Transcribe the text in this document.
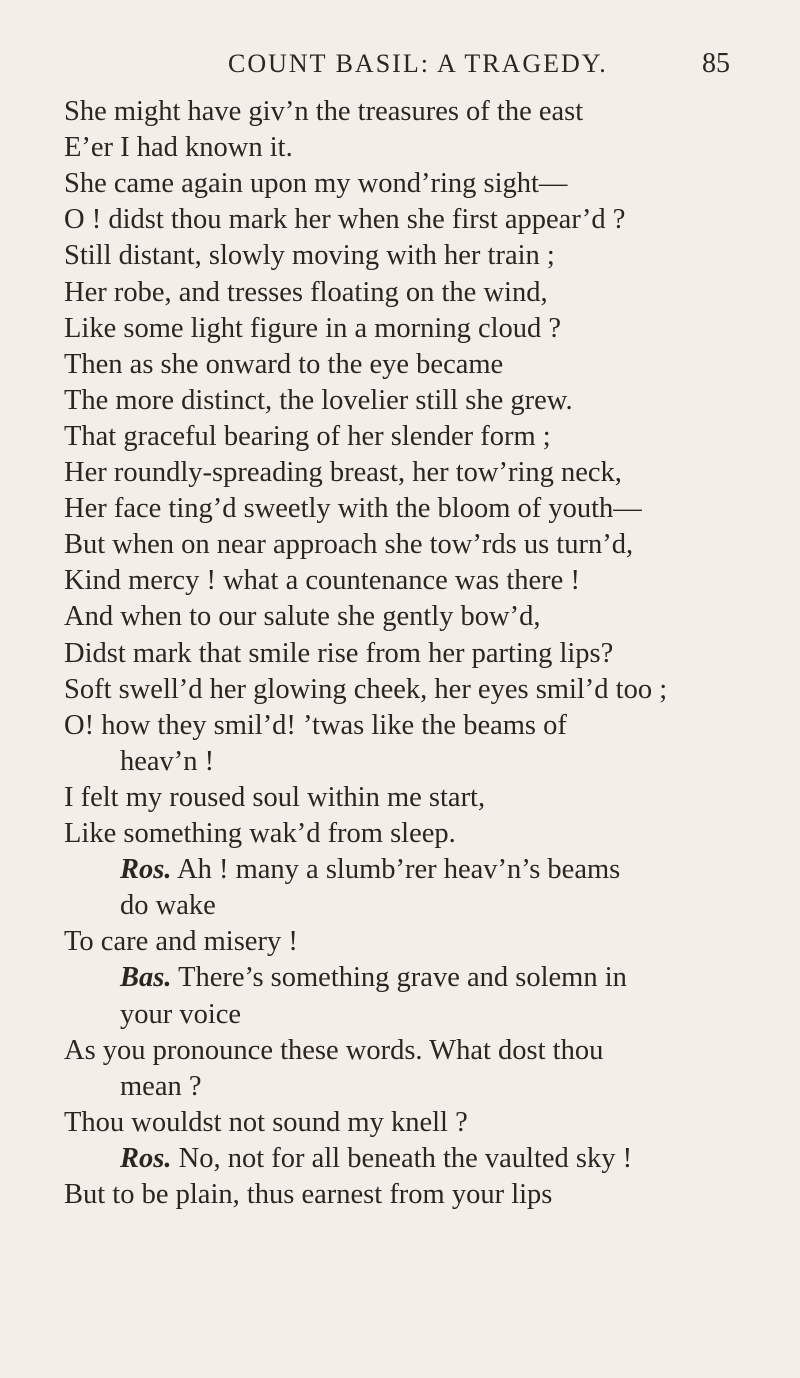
COUNT BASIL: A TRAGEDY.	85
She might have giv’n the treasures of the east
E’er I had known it.
She came again upon my wond’ring sight—
O ! didst thou mark her when she first appear’d ?
Still distant, slowly moving with her train ;
Her robe, and tresses floating on the wind,
Like some light figure in a morning cloud ?
Then as she onward to the eye became
The more distinct, the lovelier still she grew.
That graceful bearing of her slender form ;
Her roundly-spreading breast, her tow’ring neck,
Her face ting’d sweetly with the bloom of youth—
But when on near approach she tow’rds us turn’d,
Kind mercy ! what a countenance was there !
And when to our salute she gently bow’d,
Didst mark that smile rise from her parting lips?
Soft swell’d her glowing cheek, her eyes smil’d too ;
O! how they smil’d! ’twas like the beams of
heav’n !
I felt my roused soul within me start,
Like something wak’d from sleep.
Ros. Ah ! many a slumb’rer heav’n’s beams
do wake
To care and misery !
Bas. There’s something grave and solemn in
your voice
As you pronounce these words. What dost thou
mean ?
Thou wouldst not sound my knell ?
Ros. No, not for all beneath the vaulted sky !
But to be plain, thus earnest from your lips
